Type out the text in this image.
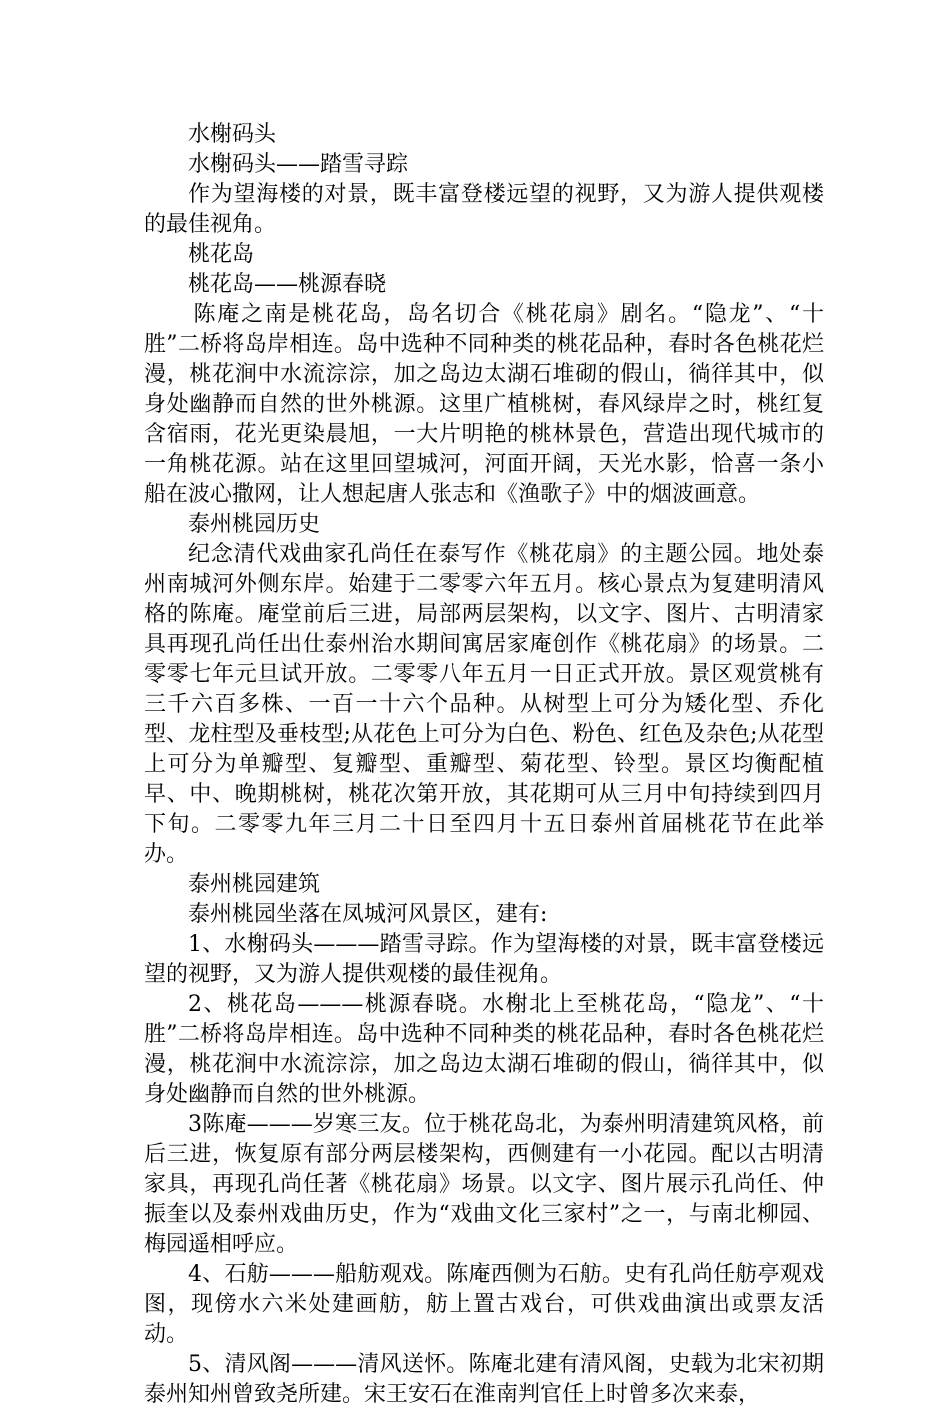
水榭码头

水榭码头——踏雪寻踪

作为望海楼的对景，既丰富登楼远望的视野，又为游人提供观楼的最佳视角。

桃花岛

桃花岛——桃源春晓

陈庵之南是桃花岛，岛名切合《桃花扇》剧名。“隐龙”、“十胜”二桥将岛岸相连。岛中选种不同种类的桃花品种，春时各色桃花烂漫，桃花涧中水流淙淙，加之岛边太湖石堆砌的假山，徜徉其中，似身处幽静而自然的世外桃源。这里广植桃树，春风绿岸之时，桃红复含宿雨，花光更染晨旭，一大片明艳的桃林景色，营造出现代城市的一角桃花源。站在这里回望城河，河面开阔，天光水影，恰喜一条小船在波心撒网，让人想起唐人张志和《渔歌子》中的烟波画意。

泰州桃园历史

纪念清代戏曲家孔尚任在泰写作《桃花扇》的主题公园。地处泰州南城河外侧东岸。始建于二零零六年五月。核心景点为复建明清风格的陈庵。庵堂前后三进，局部两层架构，以文字、图片、古明清家具再现孔尚任出仕泰州治水期间寓居家庵创作《桃花扇》的场景。二零零七年元旦试开放。二零零八年五月一日正式开放。景区观赏桃有三千六百多株、一百一十六个品种。从树型上可分为矮化型、乔化型、龙柱型及垂枝型;从花色上可分为白色、粉色、红色及杂色;从花型上可分为单瓣型、复瓣型、重瓣型、菊花型、铃型。景区均衡配植早、中、晚期桃树，桃花次第开放，其花期可从三月中旬持续到四月下旬。二零零九年三月二十日至四月十五日泰州首届桃花节在此举办。

泰州桃园建筑

泰州桃园坐落在凤城河风景区，建有:

1、水榭码头———踏雪寻踪。作为望海楼的对景，既丰富登楼远望的视野，又为游人提供观楼的最佳视角。

2、桃花岛———桃源春晓。水榭北上至桃花岛，“隐龙”、“十胜”二桥将岛岸相连。岛中选种不同种类的桃花品种，春时各色桃花烂漫，桃花涧中水流淙淙，加之岛边太湖石堆砌的假山，徜徉其中，似身处幽静而自然的世外桃源。

3陈庵———岁寒三友。位于桃花岛北，为泰州明清建筑风格，前后三进，恢复原有部分两层楼架构，西侧建有一小花园。配以古明清家具，再现孔尚任著《桃花扇》场景。以文字、图片展示孔尚任、仲振奎以及泰州戏曲历史，作为“戏曲文化三家村”之一，与南北柳园、梅园遥相呼应。

4、石舫———船舫观戏。陈庵西侧为石舫。史有孔尚任舫亭观戏图，现傍水六米处建画舫，舫上置古戏台，可供戏曲演出或票友活动。

5、清风阁———清风送怀。陈庵北建有清风阁，史载为北宋初期泰州知州曾致尧所建。宋王安石在淮南判官任上时曾多次来泰，
